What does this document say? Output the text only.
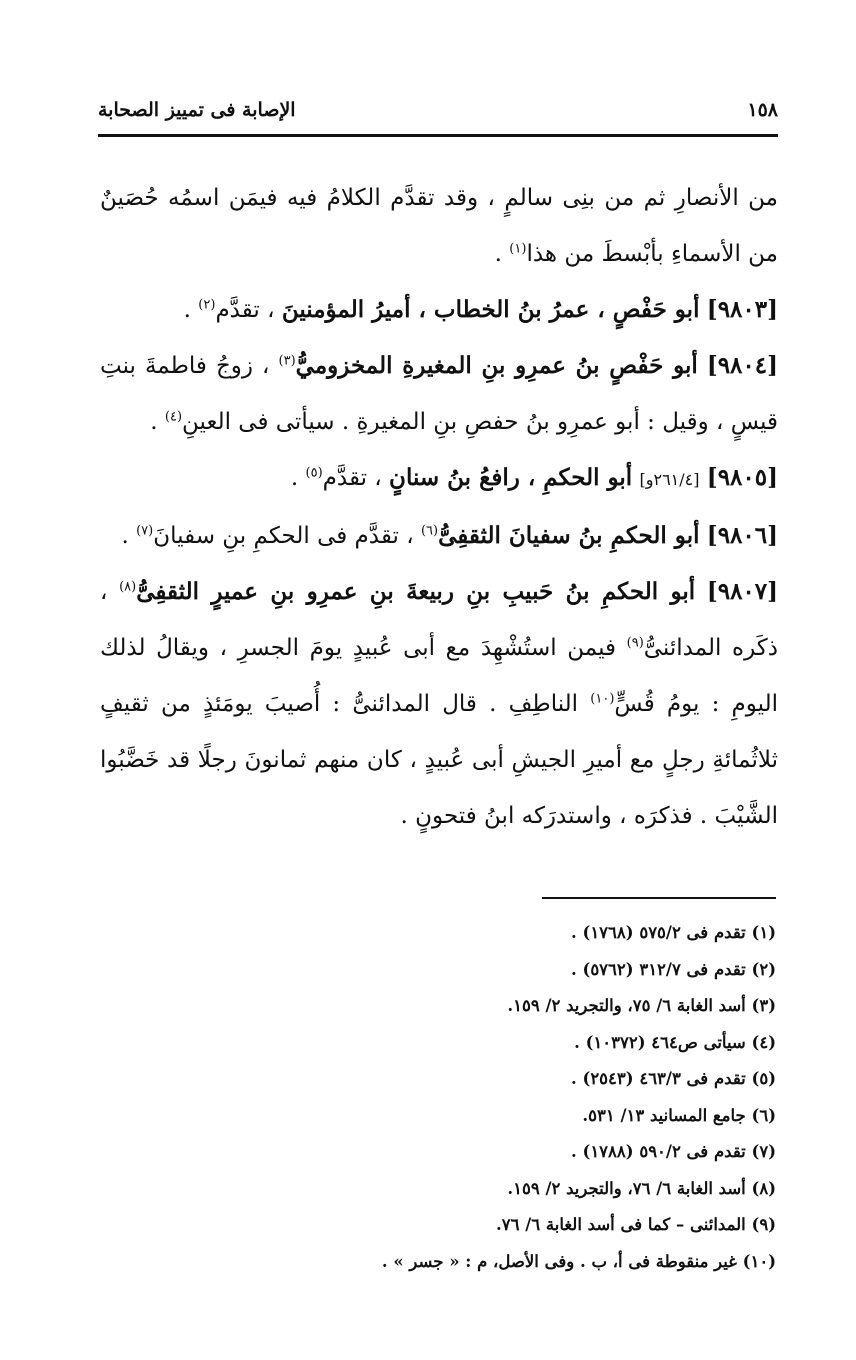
١٥٨
الإصابة فى تمييز الصحابة

من الأنصارِ ثم من بنِى سالمٍ ، وقد تقدَّم الكلامُ فيه فيمَن اسمُه حُصَينٌ من الأسماءِ بأبْسطَ من هذا$^{(١)}$ .

[٩٨٠٣] أبو حَفْصٍ ، عمرُ بنُ الخطاب ، أميرُ المؤمنينَ ، تقدَّم$^{(٢)}$ .

[٩٨٠٤] أبو حَفْصٍ بنُ عمرِو بنِ المغيرةِ المخزوميُّ$^{(٣)}$ ، زوجُ فاطمةَ بنتِ قيسٍ ، وقيل : أبو عمرِو بنُ حفصِ بنِ المغيرةِ . سيأتى فى العينِ$^{(٤)}$ .

[٩٨٠٥] [٢٦١/٤و] أبو الحكمِ ، رافعُ بنُ سنانٍ ، تقدَّم$^{(٥)}$ .

[٩٨٠٦] أبو الحكمِ بنُ سفيانَ الثقفِىُّ$^{(٦)}$ ، تقدَّم فى الحكمِ بنِ سفيانَ$^{(٧)}$ .

[٩٨٠٧] أبو الحكمِ بنُ حَبيبِ بنِ ربيعةَ بنِ عمرِو بنِ عميرٍ الثقفِىُّ$^{(٨)}$ ، ذكَره المدائنىُّ$^{(٩)}$ فيمن استُشْهِدَ مع أبى عُبيدٍ يومَ الجسرِ ، ويقالُ لذلك اليومِ : يومُ قُسٍّ$^{(١٠)}$ الناطِفِ . قال المدائنىُّ : أُصيبَ يومَئذٍ من ثقيفٍ ثلاثُمائةِ رجلٍ مع أميرِ الجيشِ أبى عُبيدٍ ، كان منهم ثمانونَ رجلًا قد خَضَّبُوا الشَّيْبَ . فذكرَه ، واستدرَكه ابنُ فتحونٍ .

(١) تقدم فى ٥٧٥/٢ (١٧٦٨) .
(٢) تقدم فى ٣١٢/٧ (٥٧٦٢) .
(٣) أسد الغابة ٦/ ٧٥، والتجريد ٢/ ١٥٩.
(٤) سيأتى ص٤٦٤ (١٠٣٧٢) .
(٥) تقدم فى ٤٦٣/٣ (٢٥٤٣) .
(٦) جامع المسانيد ١٣/ ٥٣١.
(٧) تقدم فى ٥٩٠/٢ (١٧٨٨) .
(٨) أسد الغابة ٦/ ٧٦، والتجريد ٢/ ١٥٩.
(٩) المدائنى – كما فى أسد الغابة ٦/ ٧٦.
(١٠) غير منقوطة فى أ، ب . وفى الأصل، م : « جسر » .
